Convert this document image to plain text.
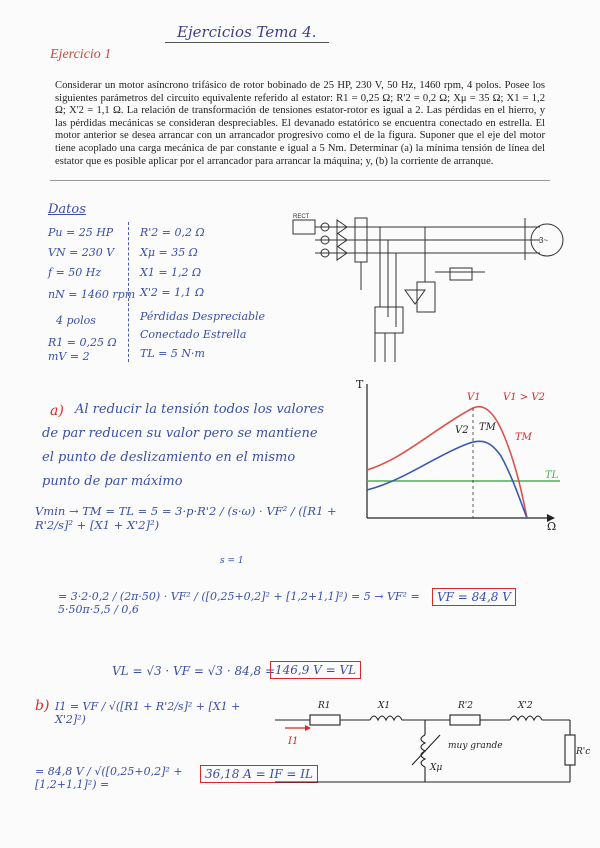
Ejercicios Tema 4.
Ejercicio 1
Considerar un motor asíncrono trifásico de rotor bobinado de 25 HP, 230 V, 50 Hz, 1460 rpm, 4 polos. Posee los siguientes parámetros del circuito equivalente referido al estator: R1 = 0,25 Ω; R'2 = 0,2 Ω; Xμ = 35 Ω; X1 = 1,2 Ω; X'2 = 1,1 Ω. La relación de transformación de tensiones estator-rotor es igual a 2. Las pérdidas en el hierro, y las pérdidas mecánicas se consideran despreciables. El devanado estatórico se encuentra conectado en estrella. El motor anterior se desea arrancar con un arrancador progresivo como el de la figura. Suponer que el eje del motor tiene acoplado una carga mecánica de par constante e igual a 5 Nm. Determinar (a) la mínima tensión de línea del estator que es posible aplicar por el arrancador para arrancar la máquina; y, (b) la corriente de arranque.
Datos
Pu = 25 HP
VN = 230 V
f = 50 Hz
nN = 1460 rpm
4 polos
R1 = 0,25 Ω
mV = 2
R'2 = 0,2 Ω
Xμ = 35 Ω
X1 = 1,2 Ω
X'2 = 1,1 Ω
Pérdidas Despreciable
Conectado Estrella
TL = 5 N·m
RECT
3~
a) Al reducir la tensión todos los valores
de par reducen su valor pero se mantiene
el punto de deslizamiento en el mismo
punto de par máximo
T
Ω
V1 V1 > V2
V2 TM
TM
TL
Vmin → TM = TL = 5 = 3·p·R'2 / (s·ω) · VF² / ([R1 + R'2/s]² + [X1 + X'2]²)
s = 1
= 3·2·0,2 / (2π·50) · VF² / ([0,25+0,2]² + [1,2+1,1]²) = 5 → VF² = 5·50π·5,5 / 0,6
VF = 84,8 V
VL = √3 · VF = √3 · 84,8 = 146,9 V = VL
b) I1 = VF / √([R1 + R'2/s]² + [X1 + X'2]²)
= 84,8 V / √([0,25+0,2]² + [1,2+1,1]²) =
36,18 A = IF = IL
R1	X1	R'2	X'2
Xμ
muy grande
I1
R'c
